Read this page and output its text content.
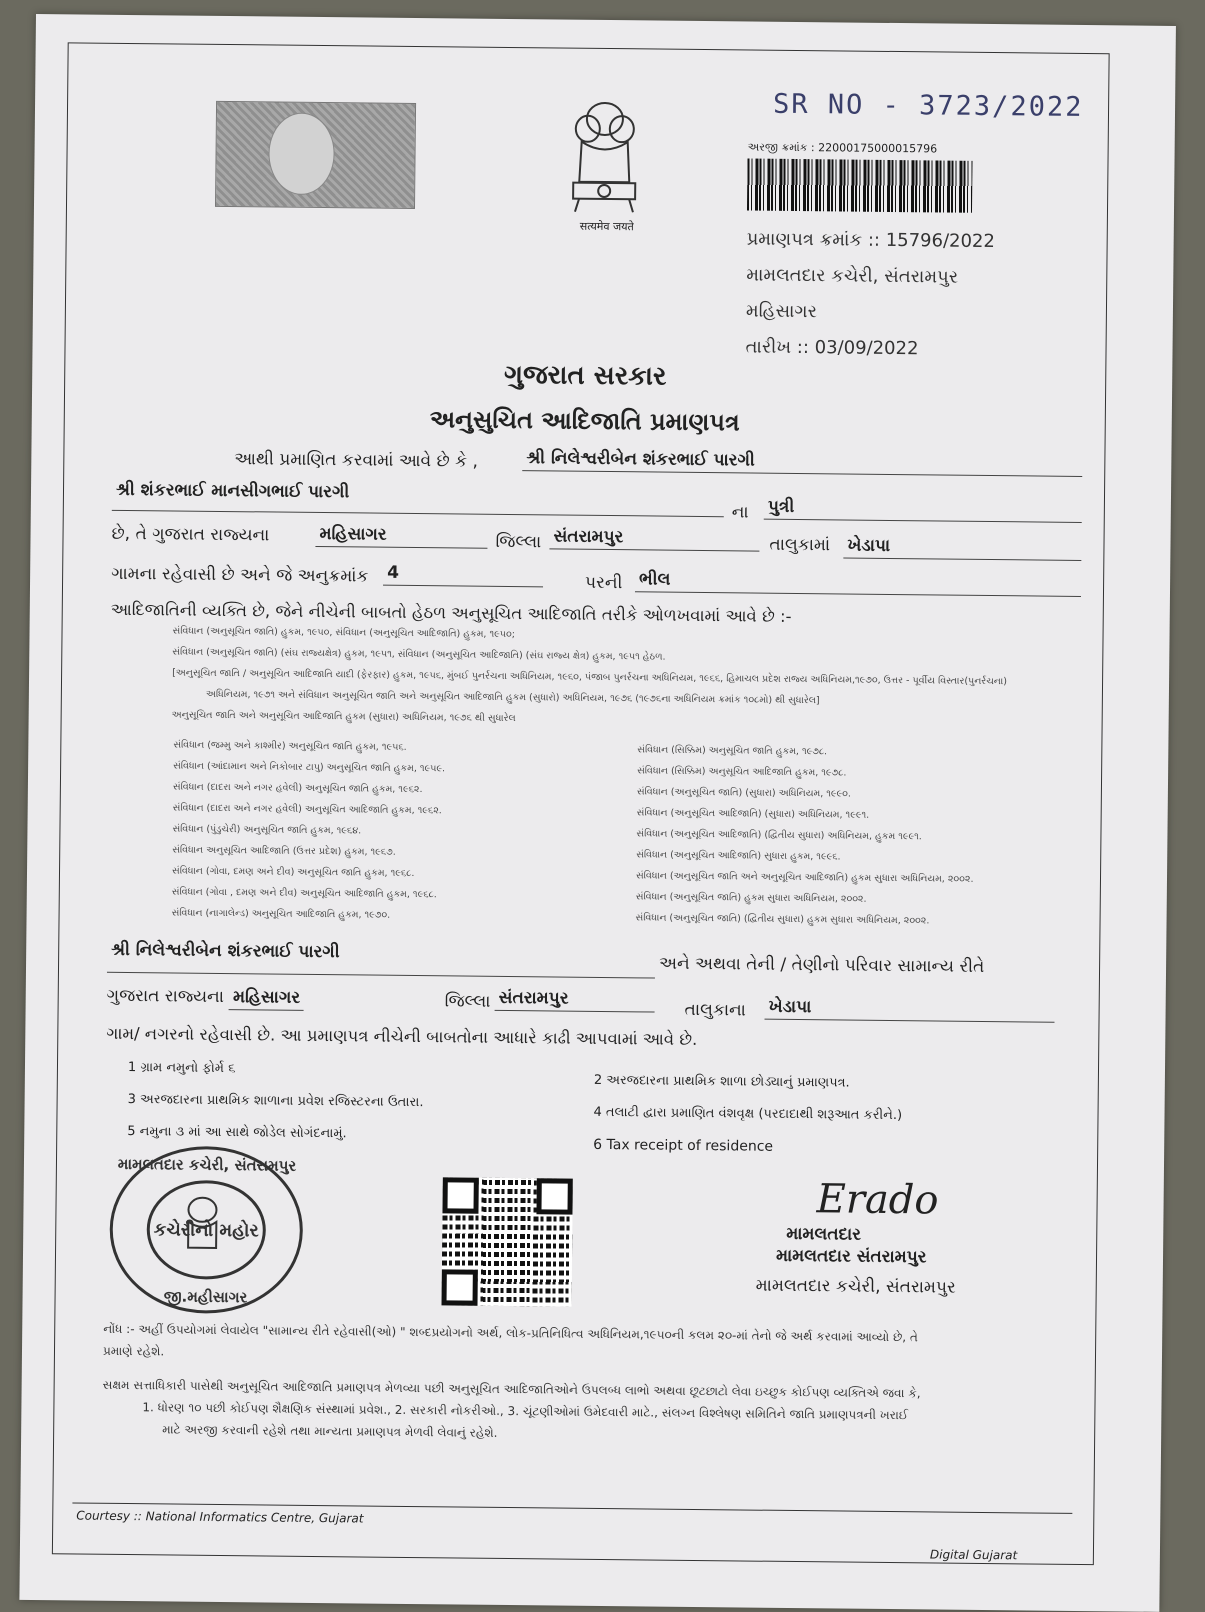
सत्यमेव जयते
SR NO - 3723/2022
અરજી ક્રમાંક : 22000175000015796
પ્રમાણપત્ર ક્રમાંક :: 15796/2022
મામલતદાર કચેરી, સંતરામપુર
મહિસાગર
તારીખ :: 03/09/2022
ગુજરાત સરકાર
અનુસુચિત આદિજાતિ પ્રમાણપત્ર
આથી પ્રમાણિત કરવામાં આવે છે કે ,	શ્રી નિલેશ્વરીબેન શંકરભાઈ પારગી
શ્રી શંકરભાઈ માનસીગભાઈ પારગી
ના પુત્રી
છે, તે ગુજરાત રાજ્યના	મહિસાગર	જિલ્લા સંતરામપુર	તાલુકામાં ખેડાપા
ગામના રહેવાસી છે અને જે અનુક્રમાંક 4
પરની ભીલ
આદિજાતિની વ્યક્તિ છે, જેને નીચેની બાબતો હેઠળ અનુસૂચિત આદિજાતિ તરીકે ઓળખવામાં આવે છે :-
સંવિધાન (અનુસૂચિત જાતિ) હુકમ, ૧૯૫૦, સંવિધાન (અનુસૂચિત આદિજાતિ) હુકમ, ૧૯૫૦;
સંવિધાન (અનુસૂચિત જાતિ) (સંઘ રાજ્યક્ષેત્ર) હુકમ, ૧૯૫૧, સંવિધાન (અનુસૂચિત આદિજાતિ) (સંઘ રાજ્ય ક્ષેત્ર) હુકમ, ૧૯૫૧ હેઠળ.
[અનુસૂચિત જાતિ / અનુસૂચિત આદિજાતિ યાદી (ફેરફાર) હુકમ, ૧૯૫૬, મુંબઈ પુનર્રચના અધિનિયમ, ૧૯૬૦, પંજાબ પુનર્રચના અધિનિયમ, ૧૯૬૬, હિમાચલ પ્રદેશ રાજ્ય અધિનિયમ,૧૯૭૦, ઉત્તર - પૂર્વીય વિસ્તાર(પુનર્રચના)
અધિનિયમ, ૧૯૭૧ અને સંવિધાન અનુસૂચિત જાતિ અને અનુસૂચિત આદિજાતિ હુકમ (સુધારો) અધિનિયમ, ૧૯૭૬ (૧૯૭૬ના અધિનિયમ ક્રમાંક ૧૦૮મો) થી સુધારેલ]
અનુસૂચિત જાતિ અને અનુસૂચિત આદિજાતિ હુકમ (સુધારા) અધિનિયમ, ૧૯૭૬ થી સુધારેલ
સંવિધાન (જમ્મુ અને કાશ્મીર) અનુસૂચિત જાતિ હુકમ, ૧૯૫૬.
સંવિધાન (આંદામાન અને નિકોબાર ટાપુ) અનુસૂચિત જાતિ હુકમ, ૧૯૫૯.
સંવિધાન (દાદરા અને નગર હવેલી) અનુસૂચિત જાતિ હુકમ, ૧૯૬૨.
સંવિધાન (દાદરા અને નગર હવેલી) અનુસૂચિત આદિજાતિ હુકમ, ૧૯૬૨.
સંવિધાન (પુંડુચેરી) અનુસૂચિત જાતિ હુકમ, ૧૯૬૪.
સંવિધાન અનુસૂચિત આદિજાતિ (ઉત્તર પ્રદેશ) હુકમ, ૧૯૬૭.
સંવિધાન (ગોવા, દમણ અને દીવ) અનુસૂચિત જાતિ હુકમ, ૧૯૬૮.
સંવિધાન (ગોવા , દમણ અને દીવ) અનુસૂચિત આદિજાતિ હુકમ, ૧૯૬૮.
સંવિધાન (નાગાલેન્ડ) અનુસૂચિત આદિજાતિ હુકમ, ૧૯૭૦.
સંવિધાન (સિક્કિમ) અનુસૂચિત જાતિ હુકમ, ૧૯૭૮.
સંવિધાન (સિક્કિમ) અનુસૂચિત આદિજાતિ હુકમ, ૧૯૭૮.
સંવિધાન (અનુસૂચિત જાતિ) (સુધારા) અધિનિયમ, ૧૯૯૦.
સંવિધાન (અનુસૂચિત આદિજાતિ) (સુધારા) અધિનિયમ, ૧૯૯૧.
સંવિધાન (અનુસૂચિત આદિજાતિ) (દ્વિતીય સુધારા) અધિનિયમ, હુકમ ૧૯૯૧.
સંવિધાન (અનુસૂચિત આદિજાતિ) સુધારા હુકમ, ૧૯૯૬.
સંવિધાન (અનુસૂચિત જાતિ અને અનુસૂચિત આદિજાતિ) હુકમ સુધારા અધિનિયમ, ૨૦૦૨.
સંવિધાન (અનુસૂચિત જાતિ) હુકમ સુધારા અધિનિયમ, ૨૦૦૨.
સંવિધાન (અનુસૂચિત જાતિ) (દ્વિતીય સુધારા) હુકમ સુધારા અધિનિયમ, ૨૦૦૨.
શ્રી નિલેશ્વરીબેન શંકરભાઈ પારગી
અને અથવા તેની / તેણીનો પરિવાર સામાન્ય રીતે
ગુજરાત રાજ્યના મહિસાગર	જિલ્લા સંતરામપુર
તાલુકાના ખેડાપા
ગામ/ નગરનો રહેવાસી છે. આ પ્રમાણપત્ર નીચેની બાબતોના આધારે કાઢી આપવામાં આવે છે.
1 ગ્રામ નમુનો ફોર્મ ૬
2 અરજદારના પ્રાથમિક શાળા છોડ્યાનું પ્રમાણપત્ર.
3 અરજદારના પ્રાથમિક શાળાના પ્રવેશ રજિસ્ટરના ઉતારા.
4 તલાટી દ્વારા પ્રમાણિત વંશવૃક્ષ (પરદાદાથી શરૂઆત કરીને.)
5 નમુના ૩ માં આ સાથે જોડેલ સોગંદનામું.
6 Tax receipt of residence
મામલતદાર કચેરી, સંતરામપુર
કચેરીનો મહોર
જી.મહીસાગર
Erado
મામલતદાર
મામલતદાર સંતરામપુર
મામલતદાર કચેરી, સંતરામપુર
નોંધ :- અહીં ઉપયોગમાં લેવાયેલ "સામાન્ય રીતે રહેવાસી(ઓ) " શબ્દપ્રયોગનો અર્થ, લોક-પ્રતિનિધિત્વ અધિનિયમ,૧૯૫૦ની કલમ ૨૦-માં તેનો જે અર્થ કરવામાં આવ્યો છે, તે
પ્રમાણે રહેશે.
સક્ષમ સત્તાધિકારી પાસેથી અનુસૂચિત આદિજાતિ પ્રમાણપત્ર મેળવ્યા પછી અનુસૂચિત આદિજાતિઓને ઉપલબ્ધ લાભો અથવા છૂટછાટો લેવા ઇચ્છુક કોઈપણ વ્યક્તિએ જવા કે,
1. ધોરણ ૧૦ પછી કોઈપણ શૈક્ષણિક સંસ્થામાં પ્રવેશ., 2. સરકારી નોકરીઓ., 3. ચૂંટણીઓમાં ઉમેદવારી માટે., સંલગ્ન વિશ્લેષણ સમિતિને જાતિ પ્રમાણપત્રની ખરાઈ
માટે અરજી કરવાની રહેશે તથા માન્યતા પ્રમાણપત્ર મેળવી લેવાનું રહેશે.
Courtesy :: National Informatics Centre, Gujarat
Digital Gujarat
